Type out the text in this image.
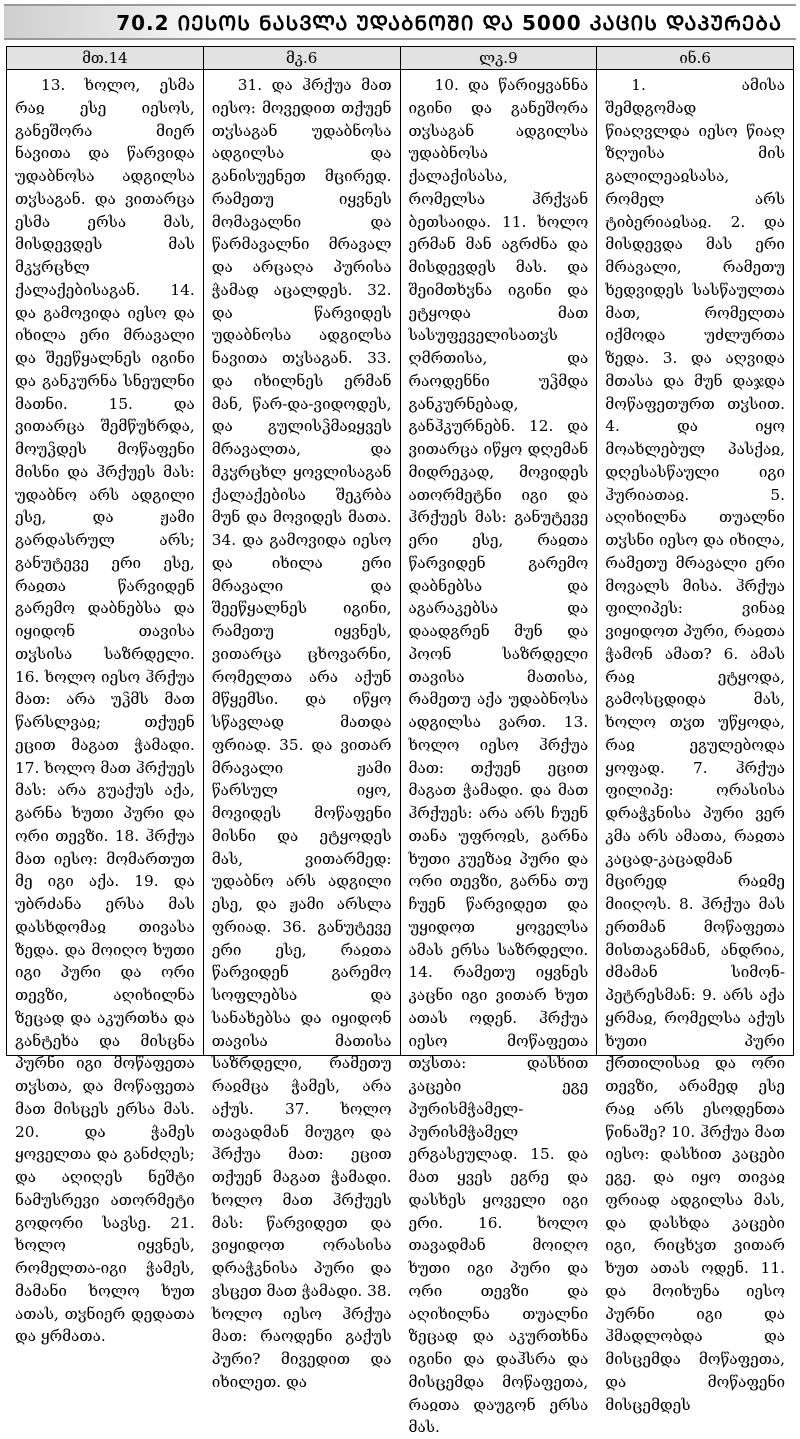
70.2 ᲘᲔᲡᲝᲡ ᲜᲐᲡᲕᲚᲐ ᲣᲓᲐᲑᲜᲝᲨᲘ ᲓᲐ 5000 ᲙᲐᲪᲘᲡ ᲓᲐᲞᲣᲠᲔᲑᲐ
მთ.14
13. ხოლო, ესმა რაჲ ესე იესოს, განეშორა მიერ ნავითა და წარვიდა უდაბნოსა ადგილსა თჳსაგან. და ვითარცა ესმა ერსა მას, მისდევდეს მას მკჳრცხლ ქალაქებისაგან. 14. და გამოვიდა იესო და იხილა ერი მრავალი და შეეწყალნეს იგინი და განკურნა სნეულნი მათნი. 15. და ვითარცა შემწუხრდა, მოუჴდეს მოწაფენი მისნი და ჰრქუეს მას: უდაბნო არს ადგილი ესე, და ჟამი გარდასრულ არს; განუტევე ერი ესე, რაჲთა წარვიდენ გარემო დაბნებსა და იყიდონ თავისა თჳსისა საზრდელი. 16. ხოლო იესო ჰრქუა მათ: არა უჴმს მათ წარსლვაჲ; თქუენ ეცით მაგათ ჭამადი. 17. ხოლო მათ ჰრქუეს მას: არა გუაქუს აქა, გარნა ხუთი პური და ორი თევზი. 18. ჰრქუა მათ იესო: მომართუთ მე იგი აქა. 19. და უბრძანა ერსა მას დასხდომაჲ თივასა ზედა. და მოიღო ხუთი იგი პური და ორი თევზი, აღიხილნა ზეცად და აკურთხა და განტეხა და მისცნა პურნი იგი მოწაფეთა თჳსთა, და მოწაფეთა მათ მისცეს ერსა მას. 20. და ჭამეს ყოველთა და განძღეს; და აღიღეს ნეშტი ნამუსრევი ათორმეტი გოდორი სავსე. 21. ხოლო იყვნეს, რომელთა-იგი ჭამეს, მამანი ხოლო ხუთ ათას, თჳნიერ დედათა და ყრმათა.
მკ.6
31. და ჰრქუა მათ იესო: მოვედით თქუენ თჳსაგან უდაბნოსა ადგილსა და განისუენეთ მცირედ. რამეთუ იყვნეს მომავალნი და წარმავალნი მრავალ და არცაღა პურისა ჭამად აცალდეს. 32. და წარვიდეს უდაბნოსა ადგილსა ნავითა თჳსაგან. 33. და იხილნეს ერმან მან, წარ-და-ვიდოდეს, და გულისჴმაჲყვეს მრავალთა, და მკჳრცხლ ყოვლისაგან ქალაქებისა შეკრბა მუნ და მოვიდეს მათა. 34. და გამოვიდა იესო და იხილა ერი მრავალი და შეეწყალნეს იგინი, რამეთუ იყვნეს, ვითარცა ცხოვარნი, რომელთა არა აქუნ მწყემსი. და იწყო სწავლად მათდა ფრიად. 35. და ვითარ მრავალი ჟამი წარსულ იყო, მოვიდეს მოწაფენი მისნი და ეტყოდეს მას, ვითარმედ: უდაბნო არს ადგილი ესე, და ჟამი არსლა ფრიად. 36. განუტევე ერი ესე, რაჲთა წარვიდენ გარემო სოფლებსა და სანახებსა და იყიდონ თავისა მათისა საზრდელი, რამეთუ რაჲმცა ჭამეს, არა აქუს. 37. ხოლო თავადმან მიუგო და ჰრქუა მათ: ეცით თქუენ მაგათ ჭამადი. ხოლო მათ ჰრქუეს მას: წარვიდეთ და ვიყიდოთ ორასისა დრაჭკნისა პური და ვსცეთ მათ ჭამადი. 38. ხოლო იესო ჰრქუა მათ: რაოდენი გაქუს პური? მივედით და იხილეთ. და
ლკ.9
10. და წარიყვანნა იგინი და განეშორა თჳსაგან ადგილსა უდაბნოსა ქალაქისასა, რომელსა ჰრქჳან ბეთსაიდა. 11. ხოლო ერმან მან აგრძნა და მისდევდეს მას. და შეიმთხჳნა იგინი და ეტყოდა მათ სასუფეველისათჳს ღმრთისა, და რაოდენნი უჴმდა განკურნებად, განჰკურნებნ. 12. და ვითარცა იწყო დღემან მიდრეკად, მოვიდეს ათორმეტნი იგი და ჰრქუეს მას: განუტევე ერი ესე, რაჲთა წარვიდენ გარემო დაბნებსა და აგარაკებსა და დაადგრენ მუნ და პოონ საზრდელი თავისა მათისა, რამეთუ აქა უდაბნოსა ადგილსა ვართ. 13. ხოლო იესო ჰრქუა მათ: თქუენ ეცით მაგათ ჭამადი. და მათ ჰრქუეს: არა არს ჩუენ თანა უფროჲს, გარნა ხუთი კუეზაჲ პური და ორი თევზი, გარნა თუ ჩუენ წარვიდეთ და უყიდოთ ყოველსა ამას ერსა საზრდელი. 14. რამეთუ იყვნეს კაცნი იგი ვითარ ხუთ ათას ოდენ. ჰრქუა იესო მოწაფეთა თჳსთა: დასხით კაცები ეგე პურისმჭამელ-პურისმჭამელ ერგასეულად. 15. და მათ ყვეს ეგრე და დასხეს ყოველი იგი ერი. 16. ხოლო თავადმან მოიღო ხუთი იგი პური და ორი თევზი და აღიხილნა თუალნი ზეცად და აკურთხნა იგინი და დაჰსრა და მისცემდა მოწაფეთა, რაჲთა დაუგონ ერსა მას.
ინ.6
1. ამისა შემდგომად წიაღვლდა იესო წიაღ ზღუისა მის გალილეაჲსასა, რომელ არს ტიბერიაჲსაჲ. 2. და მისდევდა მას ერი მრავალი, რამეთუ ხედვიდეს სასწაულთა მათ, რომელთა იქმოდა უძლურთა ზედა. 3. და აღვიდა მთასა და მუნ დაჯდა მოწაფეთურთ თჳსით. 4. და იყო მოახლებულ პასქაჲ, დღესასწაული იგი ჰურიათაჲ. 5. აღიხილნა თუალნი თჳსნი იესო და იხილა, რამეთუ მრავალი ერი მოვალს მისა. ჰრქუა ფილიპეს: ვინაჲ ვიყიდოთ პური, რაჲთა ჭამონ ამათ? 6. ამას რაჲ ეტყოდა, გამოსცდიდა მას, ხოლო თჳთ უწყოდა, რაჲ ეგულებოდა ყოფად. 7. ჰრქუა ფილიპე: ორასისა დრაჭკნისა პური ვერ კმა არს ამათა, რაჲთა კაცად-კაცადმან მცირედ რაჲმე მიიღოს. 8. ჰრქუა მას ერთმან მოწაფეთა მისთაგანმან, ანდრია, ძმამან სიმონ-პეტრესმან: 9. არს აქა ყრმაჲ, რომელსა აქუს ხუთი პური ქრთილისაჲ და ორი თევზი, არამედ ესე რაჲ არს ესოდენთა წინაშე? 10. ჰრქუა მათ იესო: დასხით კაცები ეგე. და იყო თივაჲ ფრიად ადგილსა მას, და დასხდა კაცები იგი, რიცხჳთ ვითარ ხუთ ათას ოდენ. 11. და მოიხუნა იესო პურნი იგი და ჰმადლობდა და მისცემდა მოწაფეთა, და მოწაფენი მისცემდეს
